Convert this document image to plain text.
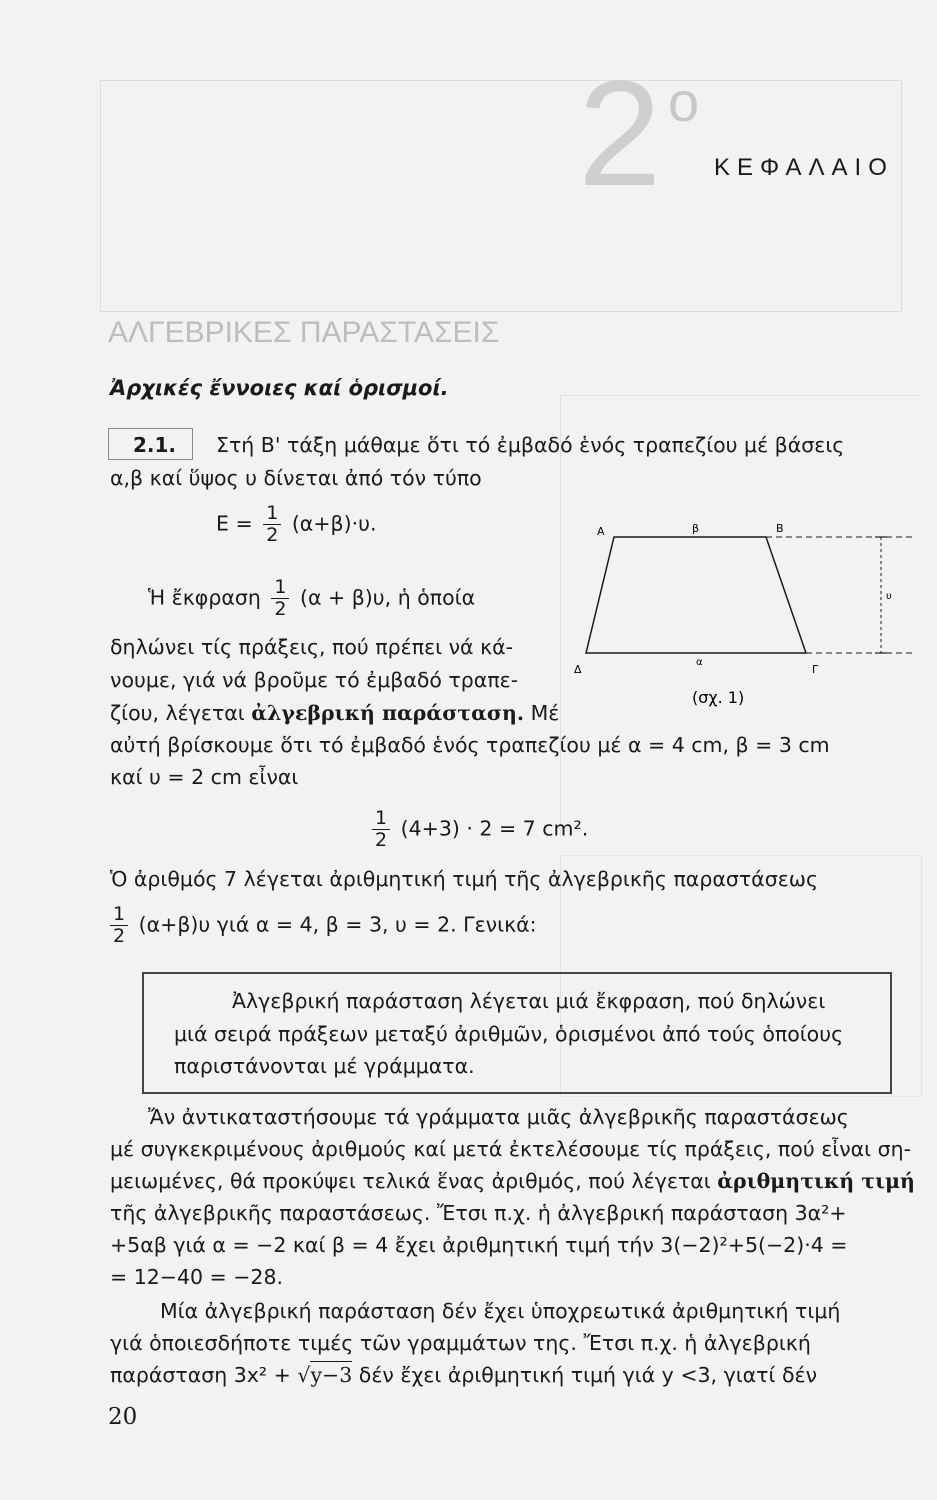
2 ο
ΚΕΦΑΛΑΙΟ
ΑΛΓΕΒΡΙΚΕΣ ΠΑΡΑΣΤΑΣΕΙΣ
Ἀρχικές ἔννοιες καί ὁρισμοί.
2.1.	Στή Β' τάξη μάθαμε ὅτι τό ἐμβαδό ἑνός τραπεζίου μέ βάσεις
α,β καί ὕψος υ δίνεται ἀπό τόν τύπο
$E = \frac{1}{2} (\alpha+\beta)\cdot\upsilon$.
Ἡ ἔκφραση $\frac{1}{2} (\alpha + \beta)\upsilon$, ἡ ὁποία
δηλώνει τίς πράξεις, πού πρέπει νά κά-
νουμε, γιά νά βροῦμε τό ἐμβαδό τραπε-
ζίου, λέγεται ἀλγεβρική παράσταση. Μέ
αὐτή βρίσκουμε ὅτι τό ἐμβαδό ἑνός τραπεζίου μέ α = 4 cm, β = 3 cm
καί υ = 2 cm εἶναι
A	B
β
υ
Δ
α
Γ
(σχ. 1)
$\frac{1}{2} (4+3) \cdot 2 = 7$ cm².
Ὁ ἀριθμός 7 λέγεται ἀριθμητική τιμή τῆς ἀλγεβρικῆς παραστάσεως
$\frac{1}{2} (\alpha+\beta)\upsilon$ γιά α = 4, β = 3, υ = 2. Γενικά:
Ἀλγεβρική παράσταση λέγεται μιά ἔκφραση, πού δηλώνει
μιά σειρά πράξεων μεταξύ ἀριθμῶν, ὁρισμένοι ἀπό τούς ὁποίους
παριστάνονται μέ γράμματα.
Ἄν ἀντικαταστήσουμε τά γράμματα μιᾶς ἀλγεβρικῆς παραστάσεως
μέ συγκεκριμένους ἀριθμούς καί μετά ἐκτελέσουμε τίς πράξεις, πού εἶναι ση-
μειωμένες, θά προκύψει τελικά ἕνας ἀριθμός, πού λέγεται ἀριθμητική τιμή
τῆς ἀλγεβρικῆς παραστάσεως. Ἔτσι π.χ. ἡ ἀλγεβρική παράσταση 3α²+
+5αβ γιά α = −2 καί β = 4 ἔχει ἀριθμητική τιμή τήν 3(−2)²+5(−2)·4 =
= 12−40 = −28.
Μία ἀλγεβρική παράσταση δέν ἔχει ὑποχρεωτικά ἀριθμητική τιμή
γιά ὁποιεσδήποτε τιμές τῶν γραμμάτων της. Ἔτσι π.χ. ἡ ἀλγεβρική
παράσταση 3x² + √y−3 δέν ἔχει ἀριθμητική τιμή γιά y <3, γιατί δέν
20
